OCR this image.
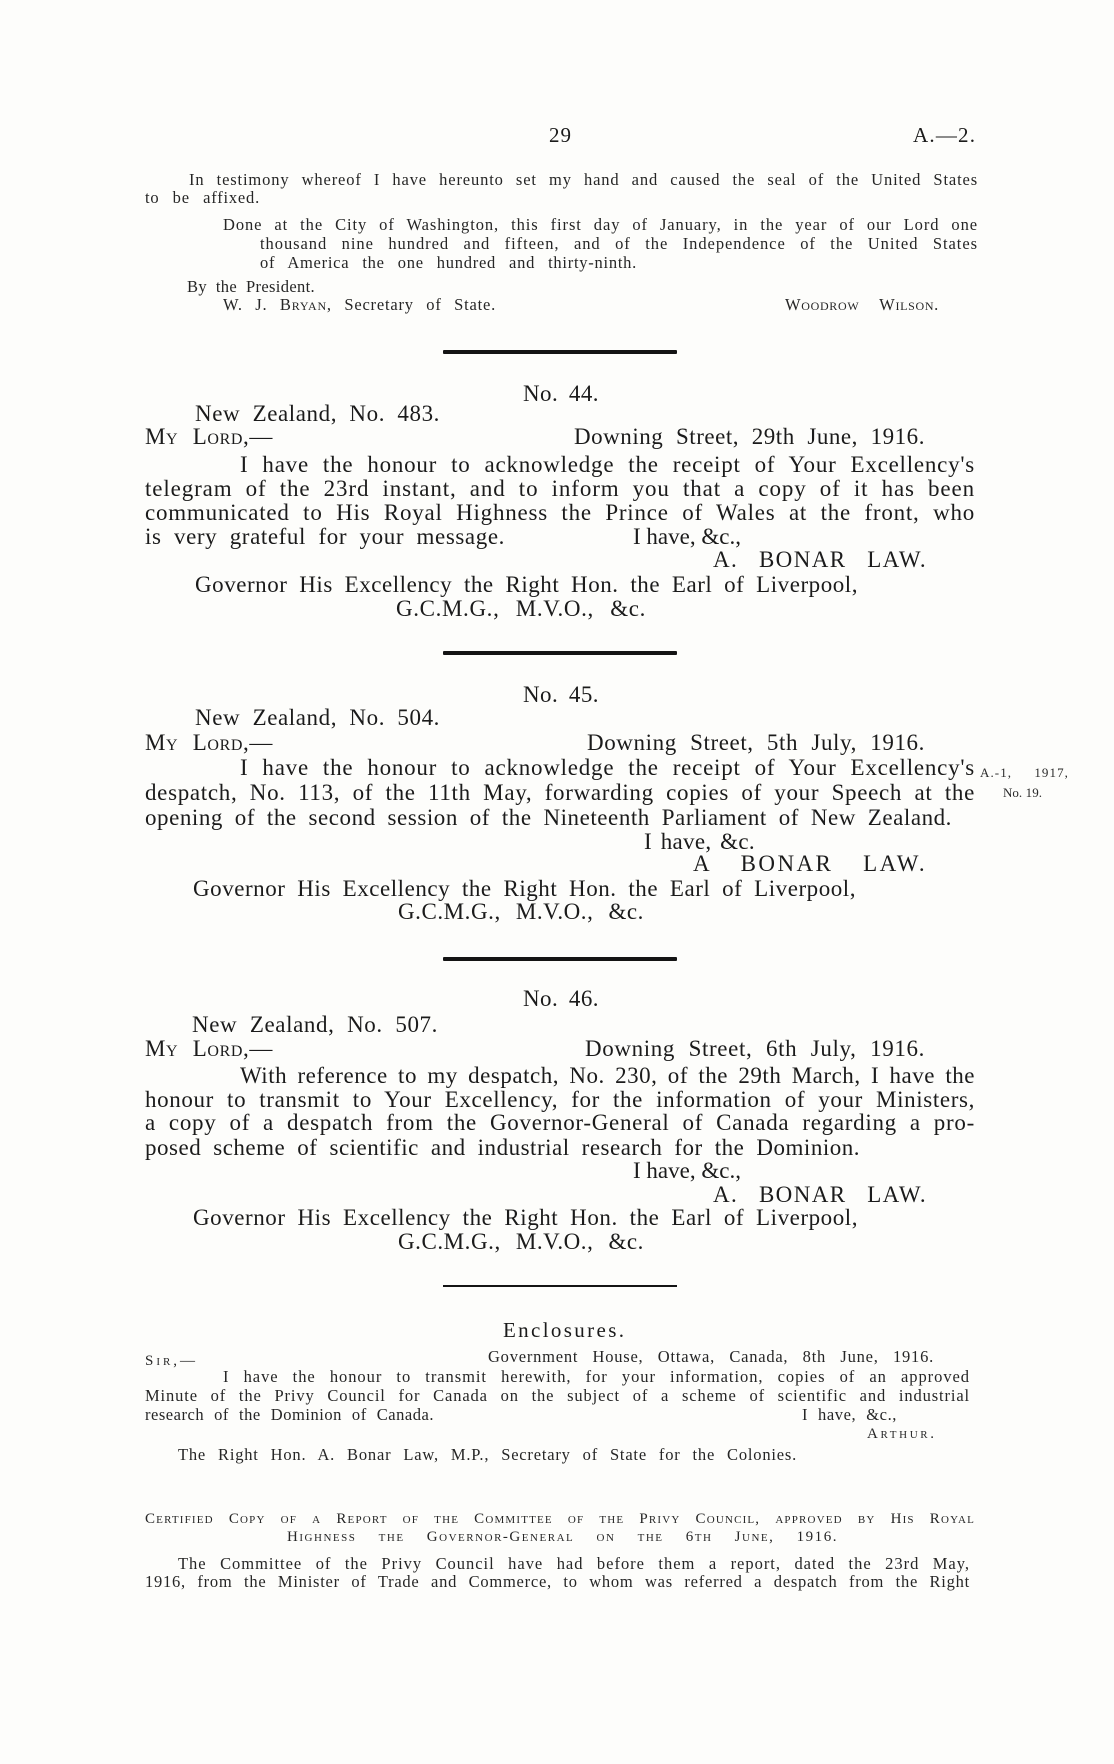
29	A.—2.
In testimony whereof I have hereunto set my hand and caused the seal of the United States
to be affixed.
Done at the City of Washington, this first day of January, in the year of our Lord one
thousand nine hundred and fifteen, and of the Independence of the United States
of America the one hundred and thirty-ninth.
By the President.
W. J. Bryan, Secretary of State.	Woodrow Wilson.
No. 44.
New Zealand, No. 483.
My Lord,—	Downing Street, 29th June, 1916.
I have the honour to acknowledge the receipt of Your Excellency's
telegram of the 23rd instant, and to inform you that a copy of it has been
communicated to His Royal Highness the Prince of Wales at the front, who
is very grateful for your message.	I have, &c.,
A. BONAR LAW.
Governor His Excellency the Right Hon. the Earl of Liverpool,
G.C.M.G., M.V.O., &c.
No. 45.
New Zealand, No. 504.
My Lord,—	Downing Street, 5th July, 1916.
I have the honour to acknowledge the receipt of Your Excellency's
despatch, No. 113, of the 11th May, forwarding copies of your Speech at the
opening of the second session of the Nineteenth Parliament of New Zealand.
A.-1, 1917,
No. 19.
I have, &c.
A BONAR LAW.
Governor His Excellency the Right Hon. the Earl of Liverpool,
G.C.M.G., M.V.O., &c.
No. 46.
New Zealand, No. 507.
My Lord,—	Downing Street, 6th July, 1916.
With reference to my despatch, No. 230, of the 29th March, I have the
honour to transmit to Your Excellency, for the information of your Ministers,
a copy of a despatch from the Governor-General of Canada regarding a pro-
posed scheme of scientific and industrial research for the Dominion.
I have, &c.,
A. BONAR LAW.
Governor His Excellency the Right Hon. the Earl of Liverpool,
G.C.M.G., M.V.O., &c.
Enclosures.
Sir,—	Government House, Ottawa, Canada, 8th June, 1916.
I have the honour to transmit herewith, for your information, copies of an approved
Minute of the Privy Council for Canada on the subject of a scheme of scientific and industrial
research of the Dominion of Canada.	I have, &c.,
Arthur.
The Right Hon. A. Bonar Law, M.P., Secretary of State for the Colonies.
Certified Copy of a Report of the Committee of the Privy Council, approved by His Royal
Highness the Governor-General on the 6th June, 1916.
The Committee of the Privy Council have had before them a report, dated the 23rd May,
1916, from the Minister of Trade and Commerce, to whom was referred a despatch from the Right
